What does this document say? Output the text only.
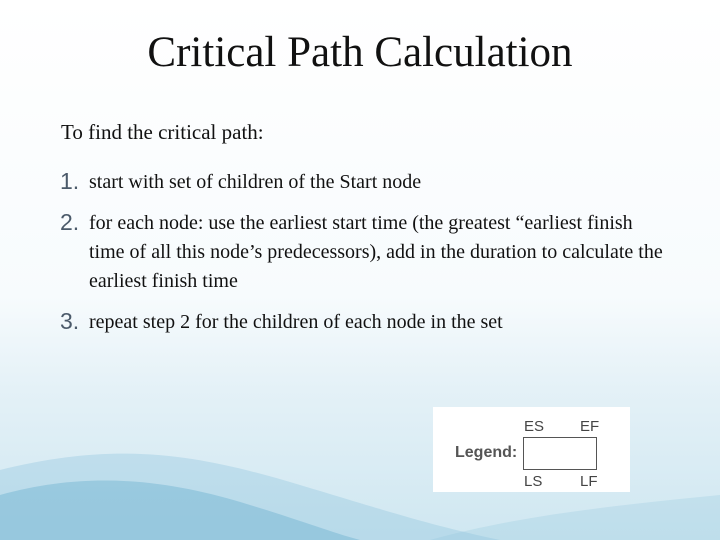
Critical Path Calculation

To find the critical path:

1. start with set of children of the Start node
2. for each node: use the earliest start time (the greatest “earliest finish time of all this node’s predecessors), add in the duration to calculate the earliest finish time
3. repeat step 2 for the children of each node in the set
Legend:
ES EF
LS	LF
